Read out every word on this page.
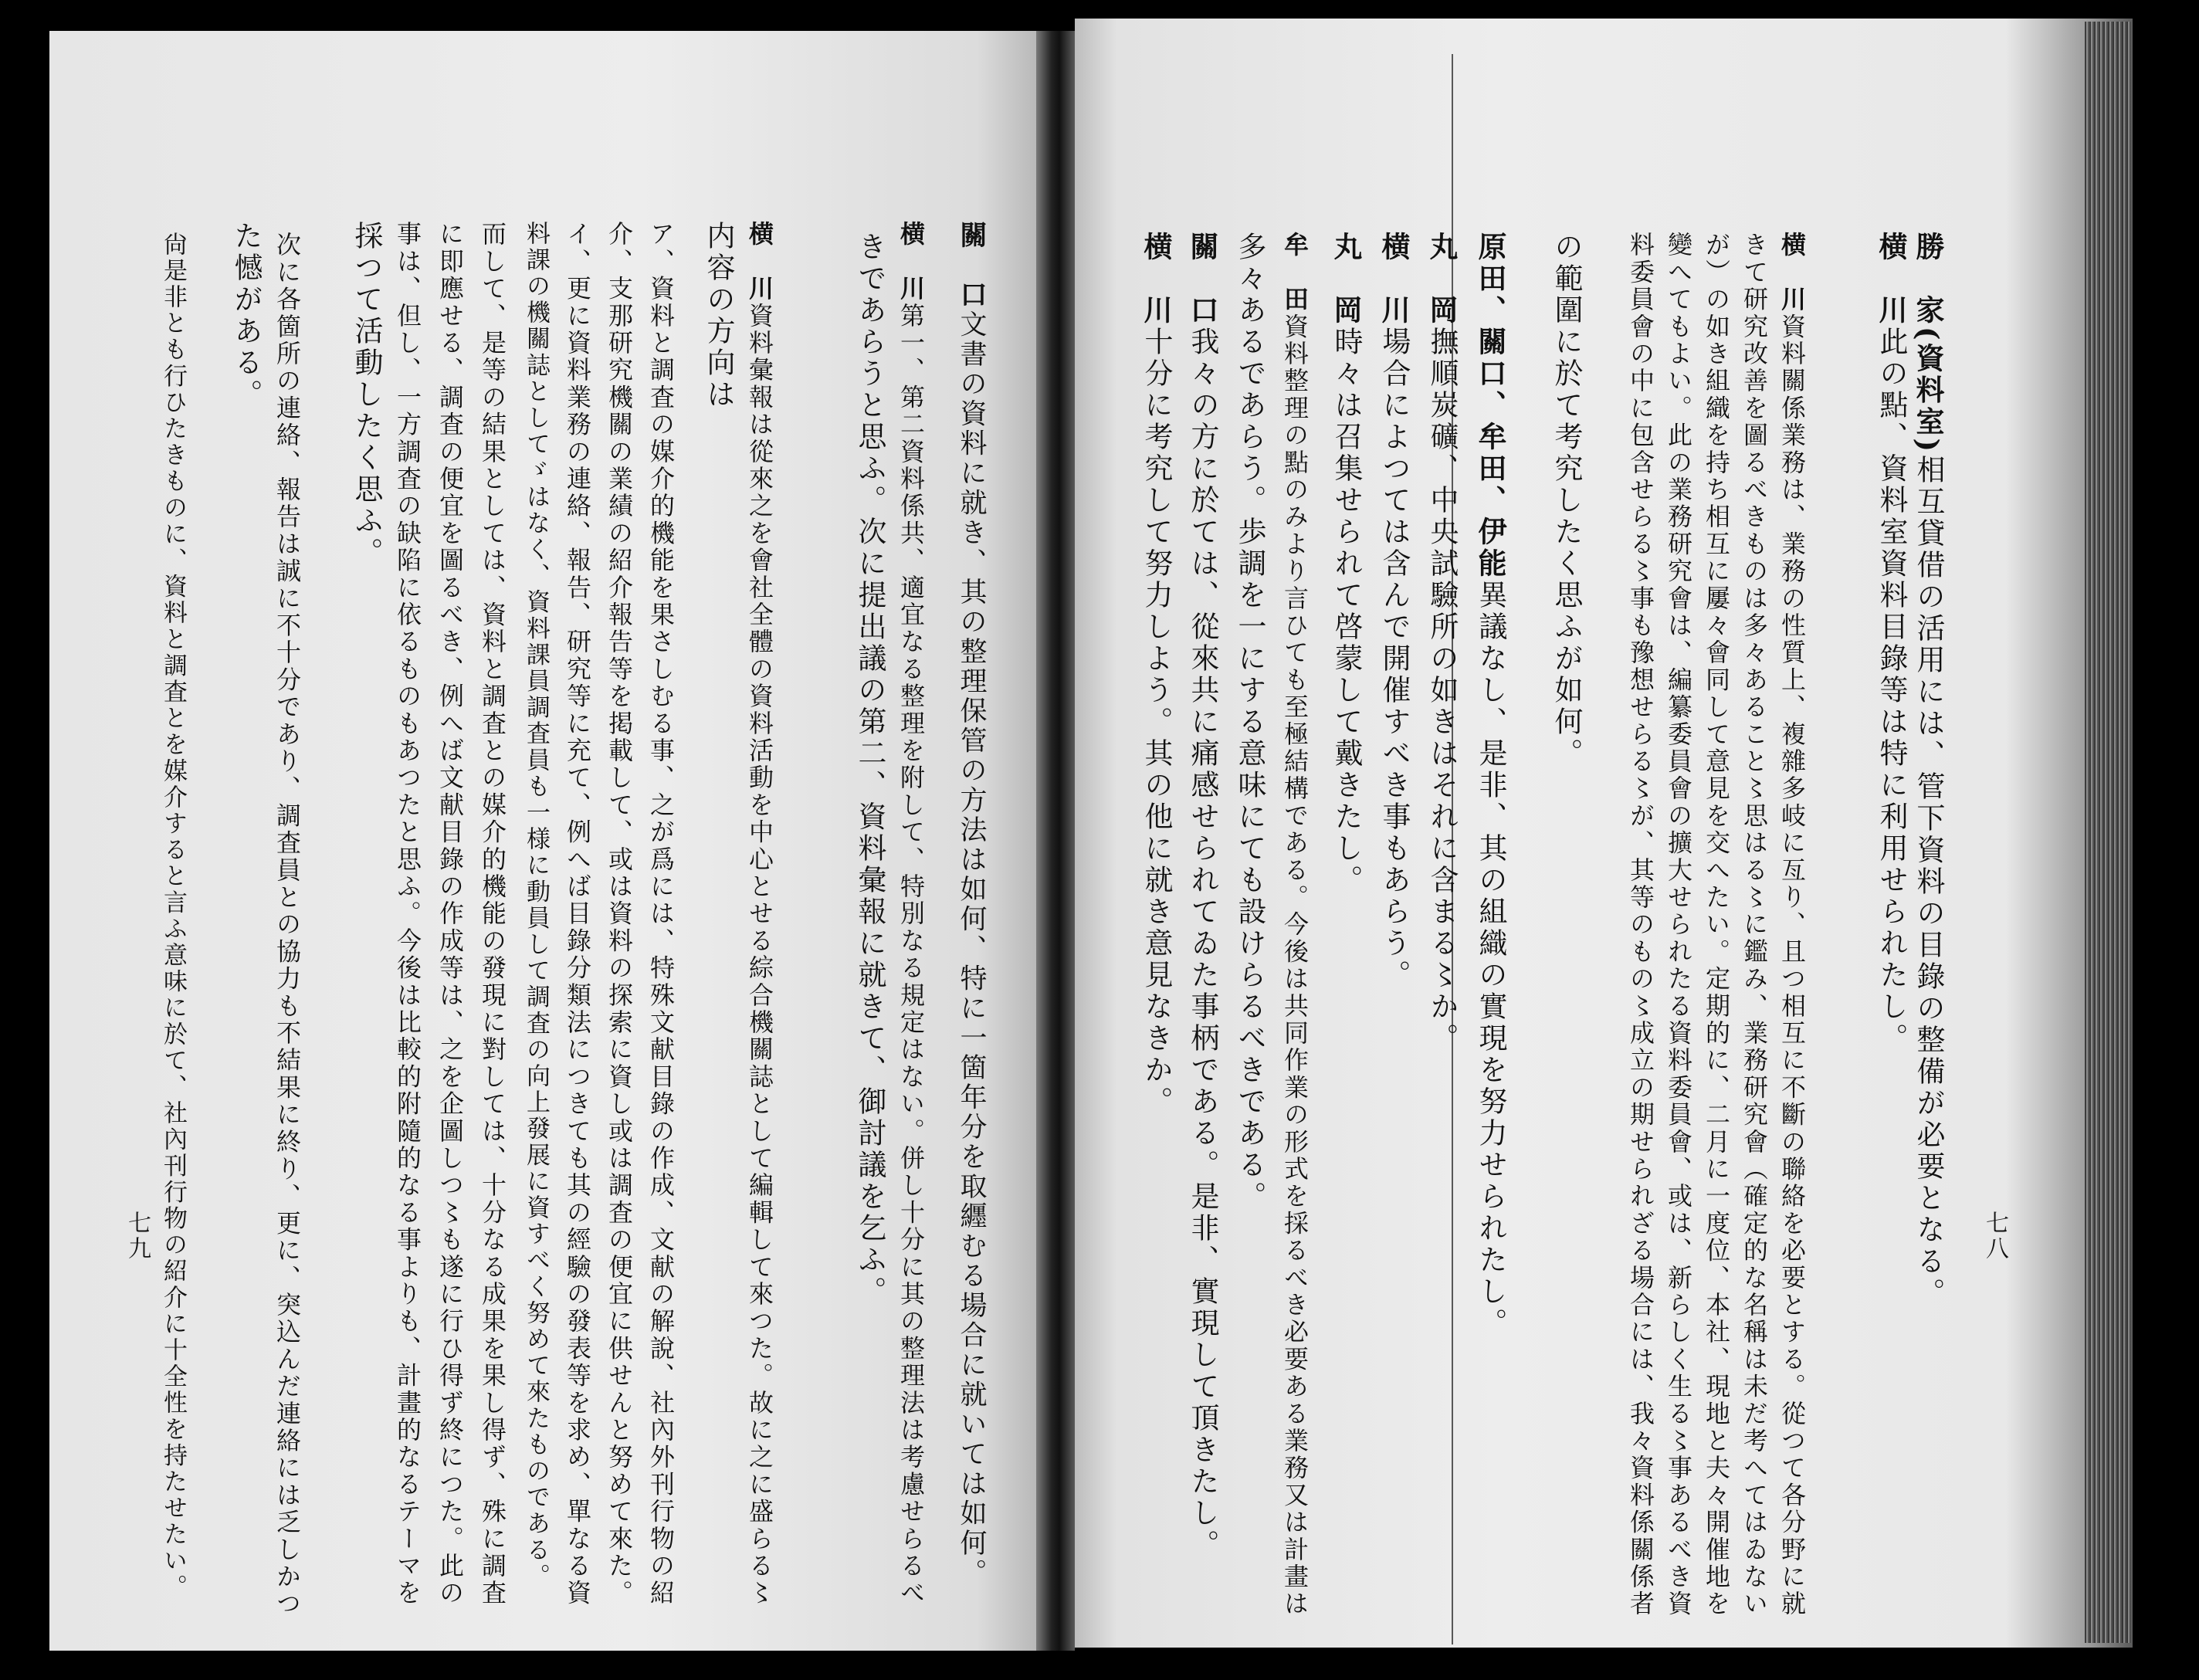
勝　家(資料室)相互貸借の活用には、管下資料の目錄の整備が必要となる。
横　川此の點、資料室資料目錄等は特に利用せられたし。
横　川資料關係業務は、業務の性質上、複雜多岐に亙り、且つ相互に不斷の聯絡を必要とする。從つて各分野に就
きて研究改善を圖るべきものは多々あること〻思はる〻に鑑み、業務研究會（確定的な名稱は未だ考へてはゐない
が）の如き組織を持ち相互に屢々會同して意見を交へたい。定期的に、二月に一度位、本社、現地と夫々開催地を
變へてもよい。此の業務研究會は、編纂委員會の擴大せられたる資料委員會、或は、新らしく生る〻事あるべき資
料委員會の中に包含せらる〻事も豫想せらる〻が、其等のもの〻成立の期せられざる場合には、我々資料係關係者
の範圍に於て考究したく思ふが如何。
原田、關口、牟田、伊能異議なし、是非、其の組織の實現を努力せられたし。
丸　岡撫順炭礦、中央試驗所の如きはそれに含まる〻か。
横　川場合によつては含んで開催すべき事もあらう。
丸　岡時々は召集せられて啓蒙して戴きたし。
牟　田資料整理の點のみより言ひても至極結構である。今後は共同作業の形式を採るべき必要ある業務又は計畫は
多々あるであらう。歩調を一にする意味にても設けらるべきである。
關　口我々の方に於ては、從來共に痛感せられてゐた事柄である。是非、實現して頂きたし。
横　川十分に考究して努力しよう。其の他に就き意見なきか。
七八
關　口文書の資料に就き、其の整理保管の方法は如何、特に一箇年分を取纒むる場合に就いては如何。
横　川第一、第二資料係共、適宜なる整理を附して、特別なる規定はない。併し十分に其の整理法は考慮せらるべ
きであらうと思ふ。次に提出議の第二、資料彙報に就きて、御討議を乞ふ。
横　川資料彙報は從來之を會社全體の資料活動を中心とせる綜合機關誌として編輯して來つた。故に之に盛らる〻
内容の方向は
ア、資料と調査の媒介的機能を果さしむる事、之が爲には、特殊文献目錄の作成、文献の解說、社內外刊行物の紹
介、支那研究機關の業績の紹介報告等を掲載して、或は資料の探索に資し或は調査の便宜に供せんと努めて來た。
イ、更に資料業務の連絡、報告、研究等に充て、例へば目錄分類法につきても其の經驗の發表等を求め、單なる資
料課の機關誌としてゞはなく、資料課員調査員も一様に動員して調査の向上發展に資すべく努めて來たものである。
而して、是等の結果としては、資料と調査との媒介的機能の發現に對しては、十分なる成果を果し得ず、殊に調査
に即應せる、調査の便宜を圖るべき、例へば文献目錄の作成等は、之を企圖しつ〻も遂に行ひ得ず終につた。此の
事は、但し、一方調査の缺陷に依るものもあつたと思ふ。今後は比較的附隨的なる事よりも、計畫的なるテーマを
採つて活動したく思ふ。
次に各箇所の連絡、報告は誠に不十分であり、調査員との協力も不結果に終り、更に、突込んだ連絡には乏しかつ
た憾がある。
尙是非とも行ひたきものに、資料と調査とを媒介すると言ふ意味に於て、社內刊行物の紹介に十全性を持たせたい。
七九
